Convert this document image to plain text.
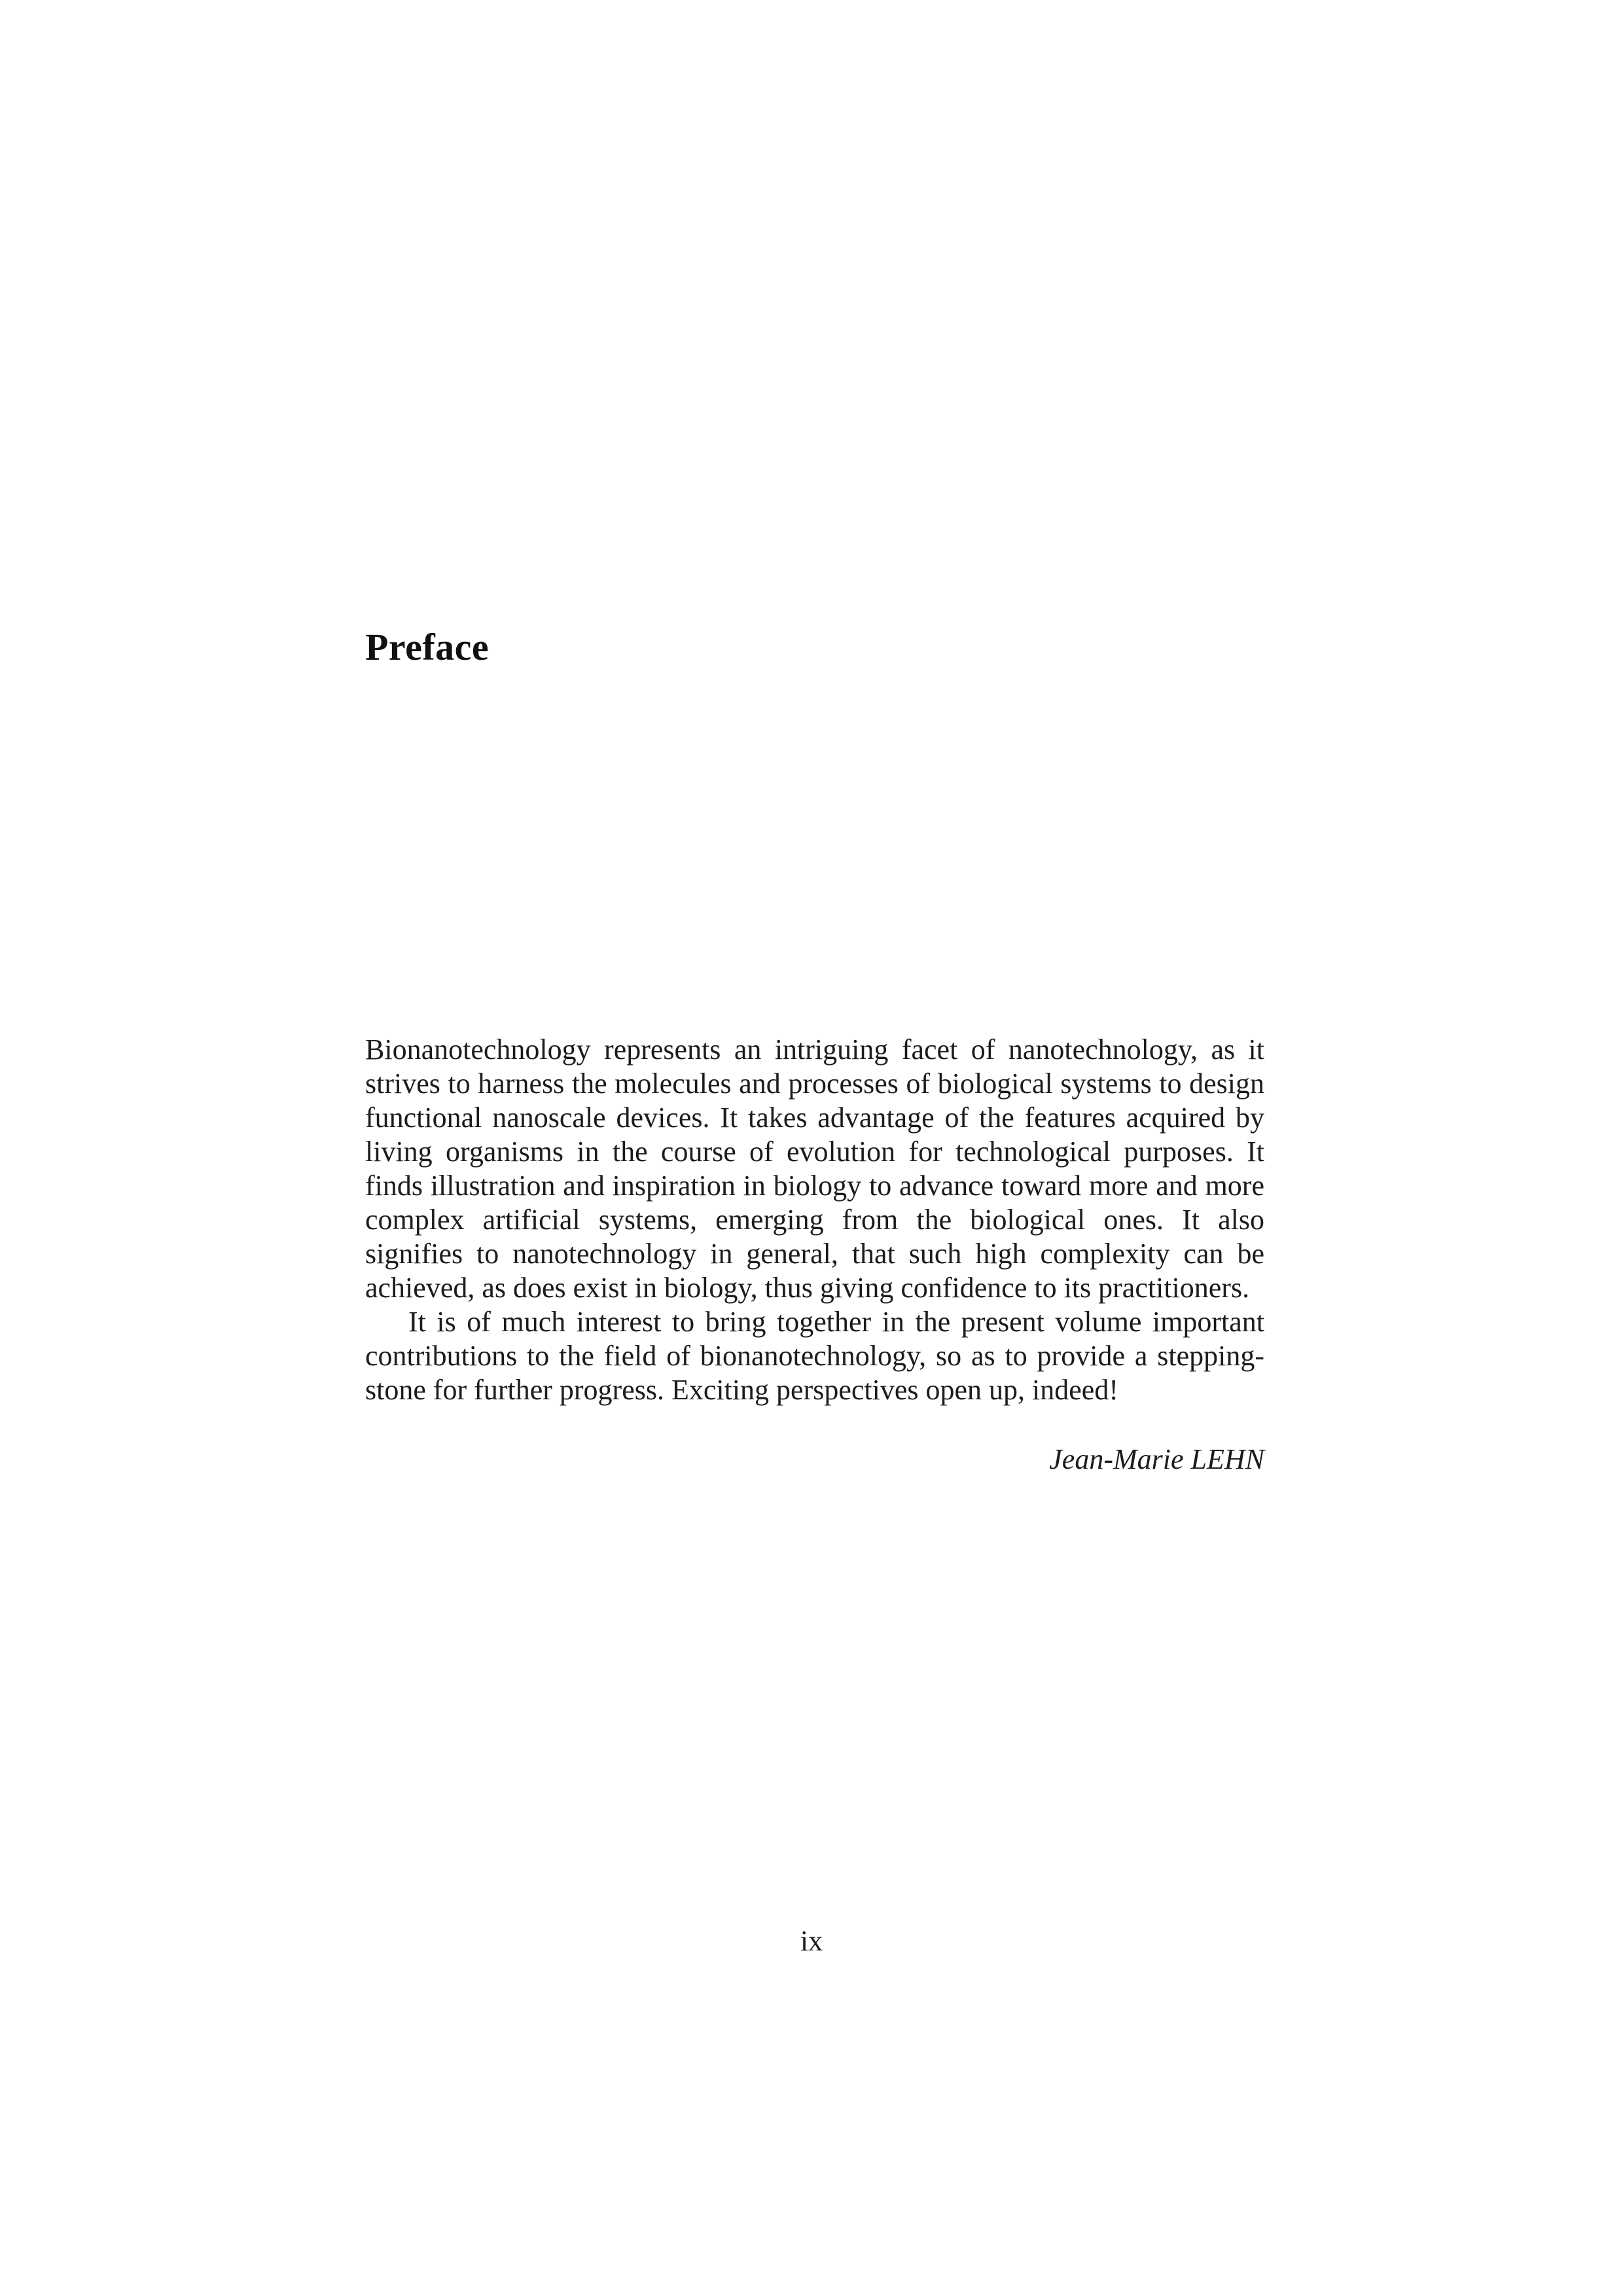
Preface

Bionanotechnology represents an intriguing facet of nanotechnology, as it strives to harness the molecules and processes of biological systems to design functional nanoscale devices. It takes advantage of the features acquired by living organisms in the course of evolution for technological purposes. It finds illustration and inspiration in biology to advance toward more and more complex artificial systems, emerging from the biological ones. It also signifies to nanotechnology in general, that such high complexity can be achieved, as does exist in biology, thus giving confidence to its practitioners.

It is of much interest to bring together in the present volume important contributions to the field of bionanotechnology, so as to provide a stepping-stone for further progress. Exciting perspectives open up, indeed!

Jean-Marie LEHN
ix
